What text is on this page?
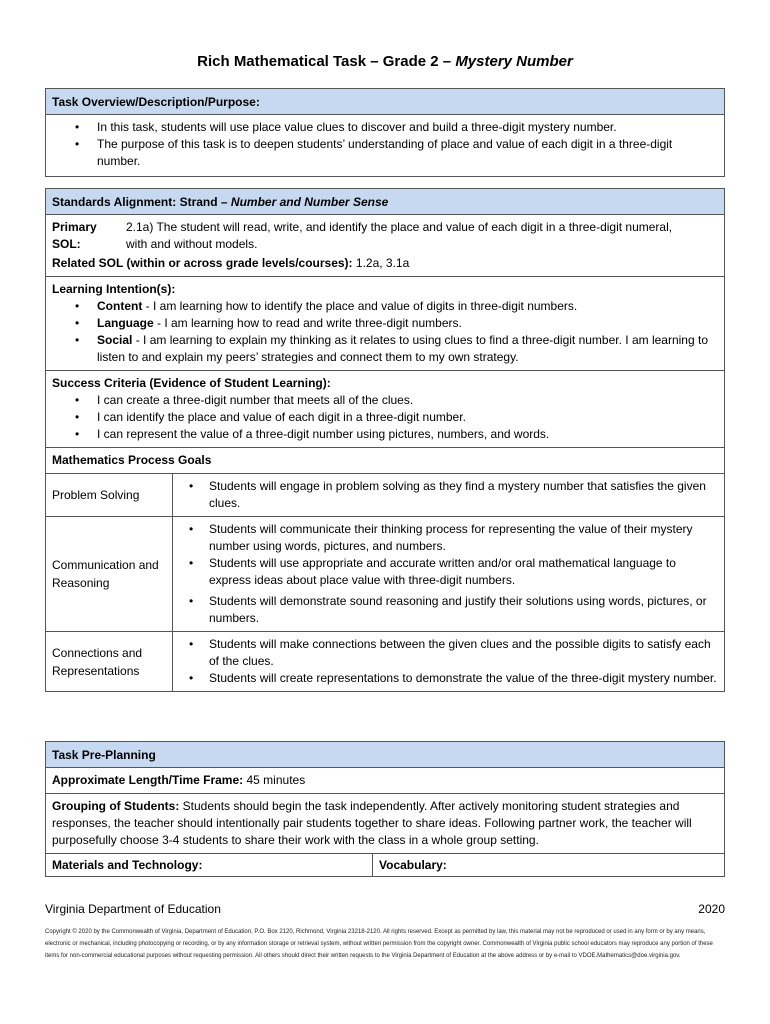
Rich Mathematical Task – Grade 2 – Mystery Number
Task Overview/Description/Purpose:
• In this task, students will use place value clues to discover and build a three-digit mystery number.
• The purpose of this task is to deepen students’ understanding of place and value of each digit in a three-digit number.
Standards Alignment: Strand – Number and Number Sense
Primary SOL:
2.1a) The student will read, write, and identify the place and value of each digit in a three-digit numeral, with and without models.
Related SOL (within or across grade levels/courses): 1.2a, 3.1a
Learning Intention(s):
• Content - I am learning how to identify the place and value of digits in three-digit numbers.
• Language - I am learning how to read and write three-digit numbers.
• Social - I am learning to explain my thinking as it relates to using clues to find a three-digit number. I am learning to listen to and explain my peers’ strategies and connect them to my own strategy.
Success Criteria (Evidence of Student Learning):
• I can create a three-digit number that meets all of the clues.
• I can identify the place and value of each digit in a three-digit number.
• I can represent the value of a three-digit number using pictures, numbers, and words.
Mathematics Process Goals
Problem Solving
• Students will engage in problem solving as they find a mystery number that satisfies the given clues.
Communication and Reasoning
• Students will communicate their thinking process for representing the value of their mystery number using words, pictures, and numbers.
• Students will use appropriate and accurate written and/or oral mathematical language to express ideas about place value with three-digit numbers.
• Students will demonstrate sound reasoning and justify their solutions using words, pictures, or numbers.
Connections and Representations
• Students will make connections between the given clues and the possible digits to satisfy each of the clues.
• Students will create representations to demonstrate the value of the three-digit mystery number.
Task Pre-Planning
Approximate Length/Time Frame: 45 minutes
Grouping of Students: Students should begin the task independently. After actively monitoring student strategies and responses, the teacher should intentionally pair students together to share ideas. Following partner work, the teacher will purposefully choose 3-4 students to share their work with the class in a whole group setting.
Materials and Technology:	Vocabulary:
Virginia Department of Education	2020
Copyright © 2020 by the Commonwealth of Virginia, Department of Education, P.O. Box 2120, Richmond, Virginia 23218-2120. All rights reserved. Except as permitted by law, this material may not be reproduced or used in any form or by any means, electronic or mechanical, including photocopying or recording, or by any information storage or retrieval system, without written permission from the copyright owner. Commonwealth of Virginia public school educators may reproduce any portion of these items for non-commercial educational purposes without requesting permission. All others should direct their written requests to the Virginia Department of Education at the above address or by e-mail to VDOE.Mathematics@doe.virginia.gov.
